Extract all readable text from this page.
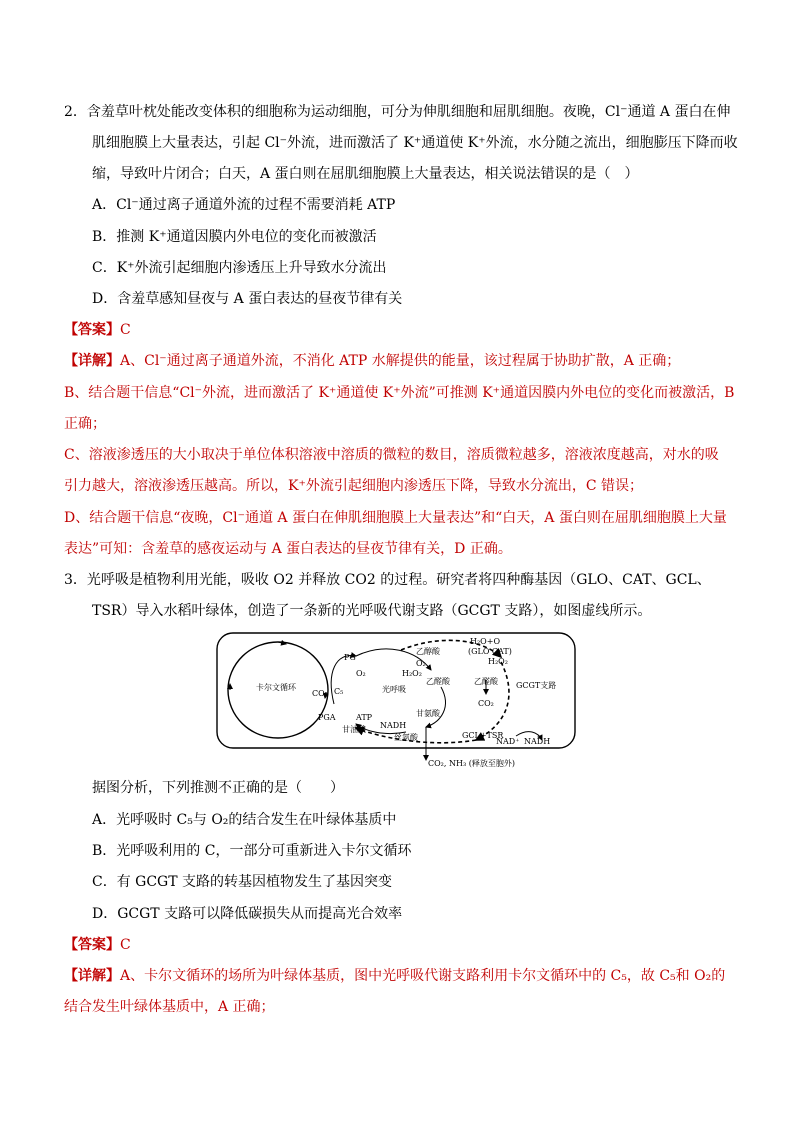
2．含羞草叶枕处能改变体积的细胞称为运动细胞，可分为伸肌细胞和屈肌细胞。夜晚，Cl⁻通道 A 蛋白在伸
肌细胞膜上大量表达，引起 Cl⁻外流，进而激活了 K⁺通道使 K⁺外流，水分随之流出，细胞膨压下降而收
缩，导致叶片闭合；白天，A 蛋白则在屈肌细胞膜上大量表达，相关说法错误的是（　）
A．Cl⁻通过离子通道外流的过程不需要消耗 ATP
B．推测 K⁺通道因膜内外电位的变化而被激活
C．K⁺外流引起细胞内渗透压上升导致水分流出
D．含羞草感知昼夜与 A 蛋白表达的昼夜节律有关
【答案】C
【详解】A、Cl⁻通过离子通道外流，不消化 ATP 水解提供的能量，该过程属于协助扩散，A 正确；
B、结合题干信息“Cl⁻外流，进而激活了 K⁺通道使 K⁺外流”可推测 K⁺通道因膜内外电位的变化而被激活，B
正确；
C、溶液渗透压的大小取决于单位体积溶液中溶质的微粒的数目，溶质微粒越多，溶液浓度越高，对水的吸
引力越大，溶液渗透压越高。所以，K⁺外流引起细胞内渗透压下降，导致水分流出，C 错误；
D、结合题干信息“夜晚，Cl⁻通道 A 蛋白在伸肌细胞膜上大量表达”和“白天，A 蛋白则在屈肌细胞膜上大量
表达”可知：含羞草的感夜运动与 A 蛋白表达的昼夜节律有关，D 正确。
3．光呼吸是植物利用光能，吸收 O2 并释放 CO2 的过程。研究者将四种酶基因（GLO、CAT、GCL、
TSR）导入水稻叶绿体，创造了一条新的光呼吸代谢支路（GCGT 支路），如图虚线所示。
卡尔文循环
PG
O₂
CO₂ C₅
PGA	ATP
甘油酸
光呼吸
乙醇酸
O₂
H₂O₂
乙醛酸
甘氨酸
NADH
丝氨酸
H₂O+O
(GLO CAT)
H₂O₂
乙醛酸 GCGT支路
CO₂
GCL+TSR
NAD⁺ NADH
CO₂, NH₃ (释放至胞外)
据图分析，下列推测不正确的是（　　）
A．光呼吸时 C₅与 O₂的结合发生在叶绿体基质中
B．光呼吸利用的 C，一部分可重新进入卡尔文循环
C．有 GCGT 支路的转基因植物发生了基因突变
D．GCGT 支路可以降低碳损失从而提高光合效率
【答案】C
【详解】A、卡尔文循环的场所为叶绿体基质，图中光呼吸代谢支路利用卡尔文循环中的 C₅，故 C₅和 O₂的
结合发生叶绿体基质中，A 正确；
